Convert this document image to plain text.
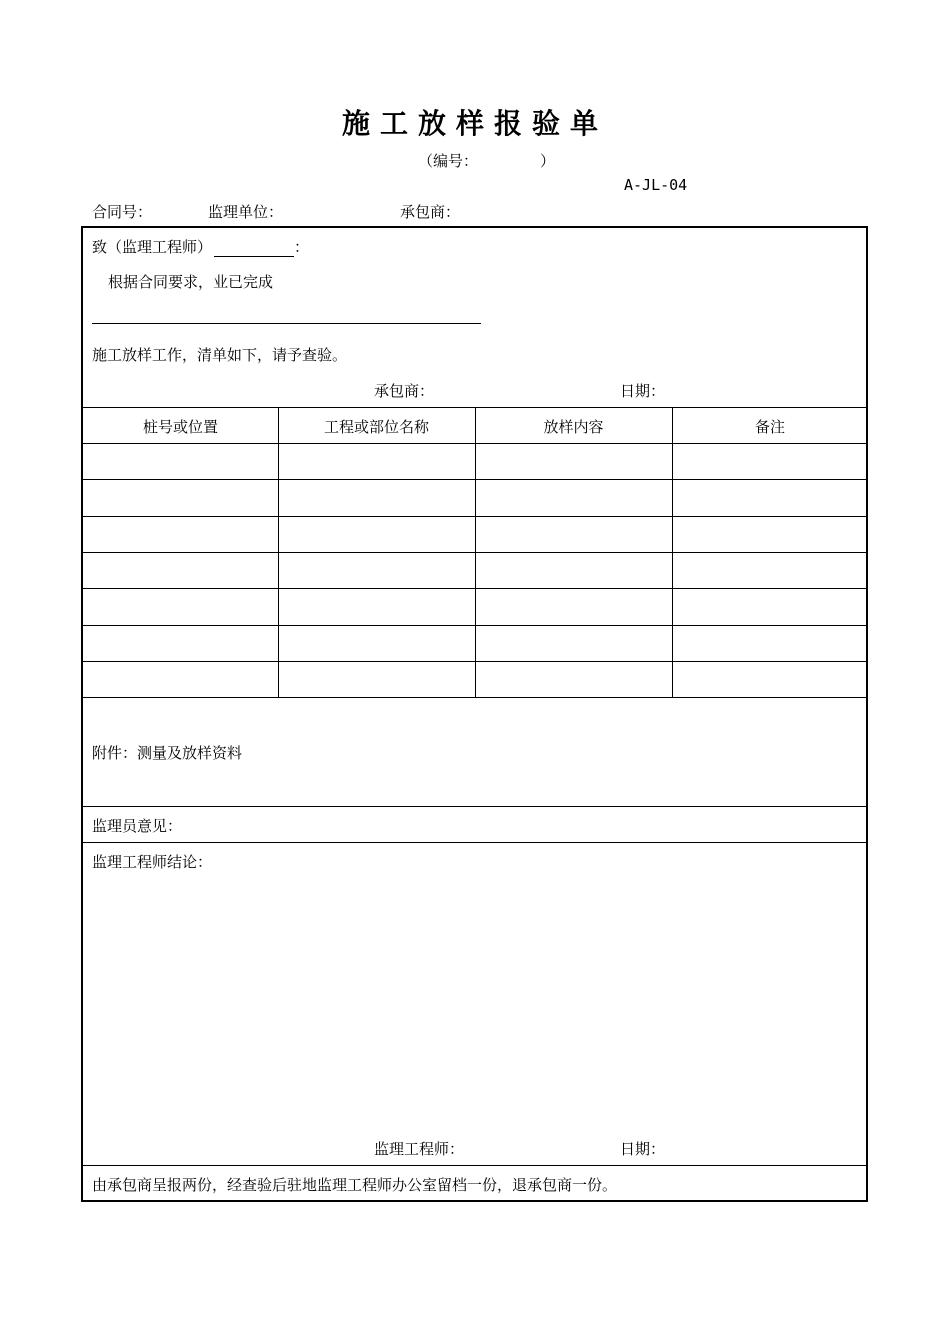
施工放样报验单
（编号：	）
A-JL-04
合同号：	监理单位：	承包商：
致（监理工程师）	：
根据合同要求，业已完成
施工放样工作，清单如下，请予查验。
承包商：	日期：
桩号或位置	工程或部位名称	放样内容	备注
附件：测量及放样资料
监理员意见：
监理工程师结论：
监理工程师：	日期：
由承包商呈报两份，经查验后驻地监理工程师办公室留档一份，退承包商一份。
